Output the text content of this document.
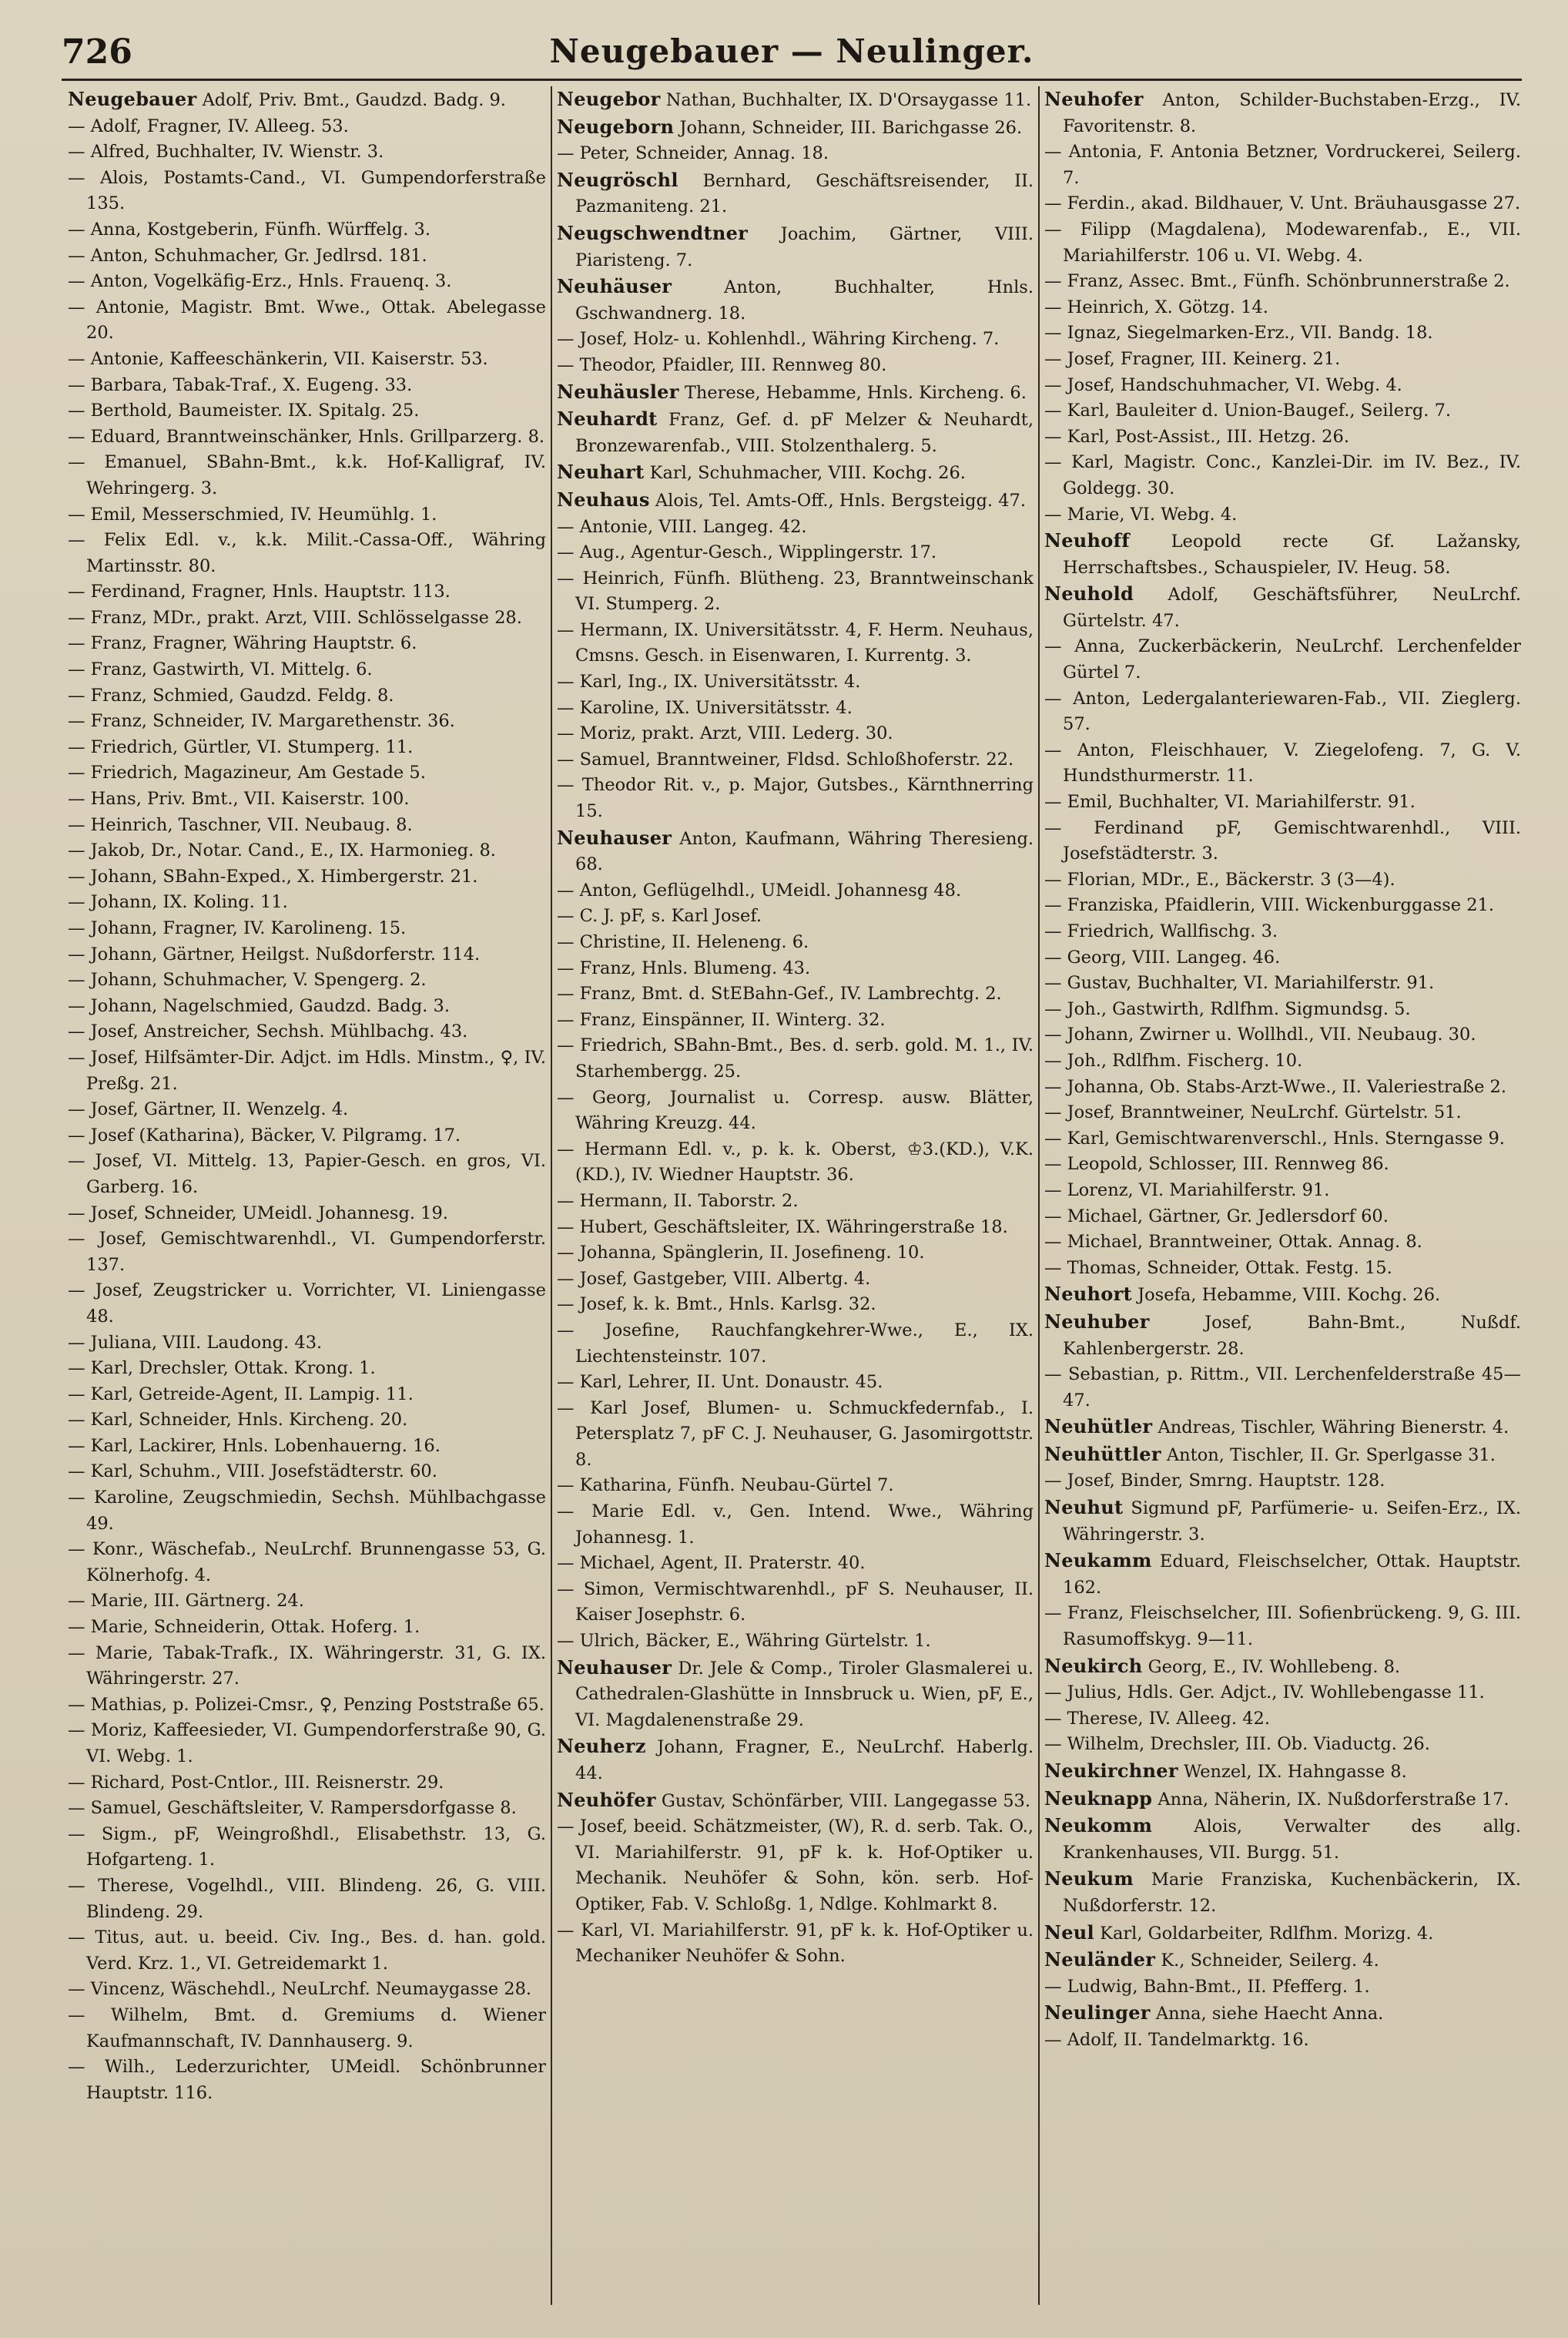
726	Neugebauer — Neulinger.

Neugebauer Adolf, Priv. Bmt., Gaudzd. Badg. 9.

— Adolf, Fragner, IV. Alleeg. 53.

— Alfred, Buchhalter, IV. Wienstr. 3.

— Alois, Postamts-Cand., VI. Gumpendorferstraße 135.

— Anna, Kostgeberin, Fünfh. Würffelg. 3.

— Anton, Schuhmacher, Gr. Jedlrsd. 181.

— Anton, Vogelkäfig-Erz., Hnls. Frauenq. 3.

— Antonie, Magistr. Bmt. Wwe., Ottak. Abelegasse 20.

— Antonie, Kaffeeschänkerin, VII. Kaiserstr. 53.

— Barbara, Tabak-Traf., X. Eugeng. 33.

— Berthold, Baumeister. IX. Spitalg. 25.

— Eduard, Branntweinschänker, Hnls. Grillparzerg. 8.

— Emanuel, SBahn-Bmt., k.k. Hof-Kalligraf, IV. Wehringerg. 3.

— Emil, Messerschmied, IV. Heumühlg. 1.

— Felix Edl. v., k.k. Milit.-Cassa-Off., Währing Martinsstr. 80.

— Ferdinand, Fragner, Hnls. Hauptstr. 113.

— Franz, MDr., prakt. Arzt, VIII. Schlösselgasse 28.

— Franz, Fragner, Währing Hauptstr. 6.

— Franz, Gastwirth, VI. Mittelg. 6.

— Franz, Schmied, Gaudzd. Feldg. 8.

— Franz, Schneider, IV. Margarethenstr. 36.

— Friedrich, Gürtler, VI. Stumperg. 11.

— Friedrich, Magazineur, Am Gestade 5.

— Hans, Priv. Bmt., VII. Kaiserstr. 100.

— Heinrich, Taschner, VII. Neubaug. 8.

— Jakob, Dr., Notar. Cand., E., IX. Harmonieg. 8.

— Johann, SBahn-Exped., X. Himbergerstr. 21.

— Johann, IX. Koling. 11.

— Johann, Fragner, IV. Karolineng. 15.

— Johann, Gärtner, Heilgst. Nußdorferstr. 114.

— Johann, Schuhmacher, V. Spengerg. 2.

— Johann, Nagelschmied, Gaudzd. Badg. 3.

— Josef, Anstreicher, Sechsh. Mühlbachg. 43.

— Josef, Hilfsämter-Dir. Adjct. im Hdls. Minstm., ♀, IV. Preßg. 21.

— Josef, Gärtner, II. Wenzelg. 4.

— Josef (Katharina), Bäcker, V. Pilgramg. 17.

— Josef, VI. Mittelg. 13, Papier-Gesch. en gros, VI. Garberg. 16.

— Josef, Schneider, UMeidl. Johannesg. 19.

— Josef, Gemischtwarenhdl., VI. Gumpendorferstr. 137.

— Josef, Zeugstricker u. Vorrichter, VI. Liniengasse 48.

— Juliana, VIII. Laudong. 43.

— Karl, Drechsler, Ottak. Krong. 1.

— Karl, Getreide-Agent, II. Lampig. 11.

— Karl, Schneider, Hnls. Kircheng. 20.

— Karl, Lackirer, Hnls. Lobenhauerng. 16.

— Karl, Schuhm., VIII. Josefstädterstr. 60.

— Karoline, Zeugschmiedin, Sechsh. Mühlbachgasse 49.

— Konr., Wäschefab., NeuLrchf. Brunnengasse 53, G. Kölnerhofg. 4.

— Marie, III. Gärtnerg. 24.

— Marie, Schneiderin, Ottak. Hoferg. 1.

— Marie, Tabak-Trafk., IX. Währingerstr. 31, G. IX. Währingerstr. 27.

— Mathias, p. Polizei-Cmsr., ♀, Penzing Poststraße 65.

— Moriz, Kaffeesieder, VI. Gumpendorferstraße 90, G. VI. Webg. 1.

— Richard, Post-Cntlor., III. Reisnerstr. 29.

— Samuel, Geschäftsleiter, V. Rampersdorfgasse 8.

— Sigm., pF, Weingroßhdl., Elisabethstr. 13, G. Hofgarteng. 1.

— Therese, Vogelhdl., VIII. Blindeng. 26, G. VIII. Blindeng. 29.

— Titus, aut. u. beeid. Civ. Ing., Bes. d. han. gold. Verd. Krz. 1., VI. Getreidemarkt 1.

— Vincenz, Wäschehdl., NeuLrchf. Neumaygasse 28.

— Wilhelm, Bmt. d. Gremiums d. Wiener Kaufmannschaft, IV. Dannhauserg. 9.

— Wilh., Lederzurichter, UMeidl. Schönbrunner Hauptstr. 116.

Neugebor Nathan, Buchhalter, IX. D'Orsaygasse 11.

Neugeborn Johann, Schneider, III. Barichgasse 26.

— Peter, Schneider, Annag. 18.

Neugröschl Bernhard, Geschäftsreisender, II. Pazmaniteng. 21.

Neugschwendtner Joachim, Gärtner, VIII. Piaristeng. 7.

Neuhäuser	Anton, Buchhalter, Hnls. Gschwandnerg. 18.

— Josef, Holz- u. Kohlenhdl., Währing Kircheng. 7.

— Theodor, Pfaidler, III. Rennweg 80.

Neuhäusler Therese, Hebamme, Hnls. Kircheng. 6.

Neuhardt Franz, Gef. d. pF Melzer & Neuhardt, Bronzewarenfab., VIII. Stolzenthalerg. 5.

Neuhart Karl, Schuhmacher, VIII. Kochg. 26.

Neuhaus Alois, Tel. Amts-Off., Hnls. Bergsteigg. 47.

— Antonie, VIII. Langeg. 42.

— Aug., Agentur-Gesch., Wipplingerstr. 17.

— Heinrich, Fünfh. Blütheng. 23, Branntweinschank VI. Stumperg. 2.

— Hermann, IX. Universitätsstr. 4, F. Herm. Neuhaus, Cmsns. Gesch. in Eisenwaren, I. Kurrentg. 3.

— Karl, Ing., IX. Universitätsstr. 4.

— Karoline, IX. Universitätsstr. 4.

— Moriz, prakt. Arzt, VIII. Lederg. 30.

— Samuel, Branntweiner, Fldsd. Schloßhoferstr. 22.

— Theodor Rit. v., p. Major, Gutsbes., Kärnthnerring 15.

Neuhauser Anton, Kaufmann, Währing Theresieng. 68.

— Anton, Geflügelhdl., UMeidl. Johannesg 48.

— C. J. pF, s. Karl Josef.

— Christine, II. Heleneng. 6.

— Franz, Hnls. Blumeng. 43.

— Franz, Bmt. d. StEBahn-Gef., IV. Lambrechtg. 2.

— Franz, Einspänner, II. Winterg. 32.

— Friedrich, SBahn-Bmt., Bes. d. serb. gold. M. 1., IV. Starhembergg. 25.

— Georg, Journalist u. Corresp. ausw. Blätter, Währing Kreuzg. 44.

— Hermann Edl. v., p. k. k. Oberst, ♔3.(KD.), V.K. (KD.), IV. Wiedner Hauptstr. 36.

— Hermann, II. Taborstr. 2.

— Hubert, Geschäftsleiter, IX. Währingerstraße 18.

— Johanna, Spänglerin, II. Josefineng. 10.

— Josef, Gastgeber, VIII. Albertg. 4.

— Josef, k. k. Bmt., Hnls. Karlsg. 32.

— Josefine, Rauchfangkehrer-Wwe., E., IX. Liechtensteinstr. 107.

— Karl, Lehrer, II. Unt. Donaustr. 45.

— Karl Josef, Blumen- u. Schmuckfedernfab., I. Petersplatz 7, pF C. J. Neuhauser, G. Jasomirgottstr. 8.

— Katharina, Fünfh. Neubau-Gürtel 7.

— Marie Edl. v., Gen. Intend. Wwe., Währing Johannesg. 1.

— Michael, Agent, II. Praterstr. 40.

— Simon, Vermischtwarenhdl., pF S. Neuhauser, II. Kaiser Josephstr. 6.

— Ulrich, Bäcker, E., Währing Gürtelstr. 1.

Neuhauser Dr. Jele & Comp., Tiroler Glasmalerei u. Cathedralen-Glashütte in Innsbruck u. Wien, pF, E., VI. Magdalenenstraße 29.

Neuherz Johann, Fragner, E., NeuLrchf. Haberlg. 44.

Neuhöfer Gustav, Schönfärber, VIII. Langegasse 53.

— Josef, beeid. Schätzmeister, (W), R. d. serb. Tak. O., VI. Mariahilferstr. 91, pF k. k. Hof-Optiker u. Mechanik. Neuhöfer & Sohn, kön. serb. Hof-Optiker, Fab. V. Schloßg. 1, Ndlge. Kohlmarkt 8.

— Karl, VI. Mariahilferstr. 91, pF k. k. Hof-Optiker u. Mechaniker Neuhöfer & Sohn.

Neuhofer Anton, Schilder-Buchstaben-Erzg., IV. Favoritenstr. 8.

— Antonia, F. Antonia Betzner, Vordruckerei, Seilerg. 7.

— Ferdin., akad. Bildhauer, V. Unt. Bräuhausgasse 27.

— Filipp (Magdalena), Modewarenfab., E., VII. Mariahilferstr. 106 u. VI. Webg. 4.

— Franz, Assec. Bmt., Fünfh. Schönbrunnerstraße 2.

— Heinrich, X. Götzg. 14.

— Ignaz, Siegelmarken-Erz., VII. Bandg. 18.

— Josef, Fragner, III. Keinerg. 21.

— Josef, Handschuhmacher, VI. Webg. 4.

— Karl, Bauleiter d. Union-Baugef., Seilerg. 7.

— Karl, Post-Assist., III. Hetzg. 26.

— Karl, Magistr. Conc., Kanzlei-Dir. im IV. Bez., IV. Goldegg. 30.

— Marie, VI. Webg. 4.

Neuhoff Leopold recte Gf. Lažansky, Herrschaftsbes., Schauspieler, IV. Heug. 58.

Neuhold Adolf, Geschäftsführer, NeuLrchf. Gürtelstr. 47.

— Anna, Zuckerbäckerin, NeuLrchf. Lerchenfelder Gürtel 7.

— Anton, Ledergalanteriewaren-Fab., VII. Zieglerg. 57.

— Anton, Fleischhauer, V. Ziegelofeng. 7, G. V. Hundsthurmerstr. 11.

— Emil, Buchhalter, VI. Mariahilferstr. 91.

— Ferdinand pF, Gemischtwarenhdl., VIII. Josefstädterstr. 3.

— Florian, MDr., E., Bäckerstr. 3 (3—4).

— Franziska, Pfaidlerin, VIII. Wickenburggasse 21.

— Friedrich, Wallfischg. 3.

— Georg, VIII. Langeg. 46.

— Gustav, Buchhalter, VI. Mariahilferstr. 91.

— Joh., Gastwirth, Rdlfhm. Sigmundsg. 5.

— Johann, Zwirner u. Wollhdl., VII. Neubaug. 30.

— Joh., Rdlfhm. Fischerg. 10.

— Johanna, Ob. Stabs-Arzt-Wwe., II. Valeriestraße 2.

— Josef, Branntweiner, NeuLrchf. Gürtelstr. 51.

— Karl, Gemischtwarenverschl., Hnls. Sterngasse 9.

— Leopold, Schlosser, III. Rennweg 86.

— Lorenz, VI. Mariahilferstr. 91.

— Michael, Gärtner, Gr. Jedlersdorf 60.

— Michael, Branntweiner, Ottak. Annag. 8.

— Thomas, Schneider, Ottak. Festg. 15.

Neuhort Josefa, Hebamme, VIII. Kochg. 26.

Neuhuber	Josef, Bahn-Bmt., Nußdf. Kahlenbergerstr. 28.

— Sebastian, p. Rittm., VII. Lerchenfelderstraße 45—47.

Neuhütler Andreas, Tischler, Währing Bienerstr. 4.

Neuhüttler Anton, Tischler, II. Gr. Sperlgasse 31.

— Josef, Binder, Smrng. Hauptstr. 128.

Neuhut Sigmund pF, Parfümerie- u. Seifen-Erz., IX. Währingerstr. 3.

Neukamm Eduard, Fleischselcher, Ottak. Hauptstr. 162.

— Franz, Fleischselcher, III. Sofienbrückeng. 9, G. III. Rasumoffskyg. 9—11.

Neukirch Georg, E., IV. Wohllebeng. 8.

— Julius, Hdls. Ger. Adjct., IV. Wohllebengasse 11.

— Therese, IV. Alleeg. 42.

— Wilhelm, Drechsler, III. Ob. Viaductg. 26.

Neukirchner Wenzel, IX. Hahngasse 8.

Neuknapp Anna, Näherin, IX. Nußdorferstraße 17.

Neukomm Alois, Verwalter des allg. Krankenhauses, VII. Burgg. 51.

Neukum Marie Franziska, Kuchenbäckerin, IX. Nußdorferstr. 12.

Neul Karl, Goldarbeiter, Rdlfhm. Morizg. 4.

Neuländer K., Schneider, Seilerg. 4.

— Ludwig, Bahn-Bmt., II. Pfefferg. 1.

Neulinger Anna, siehe Haecht Anna.

— Adolf, II. Tandelmarktg. 16.
